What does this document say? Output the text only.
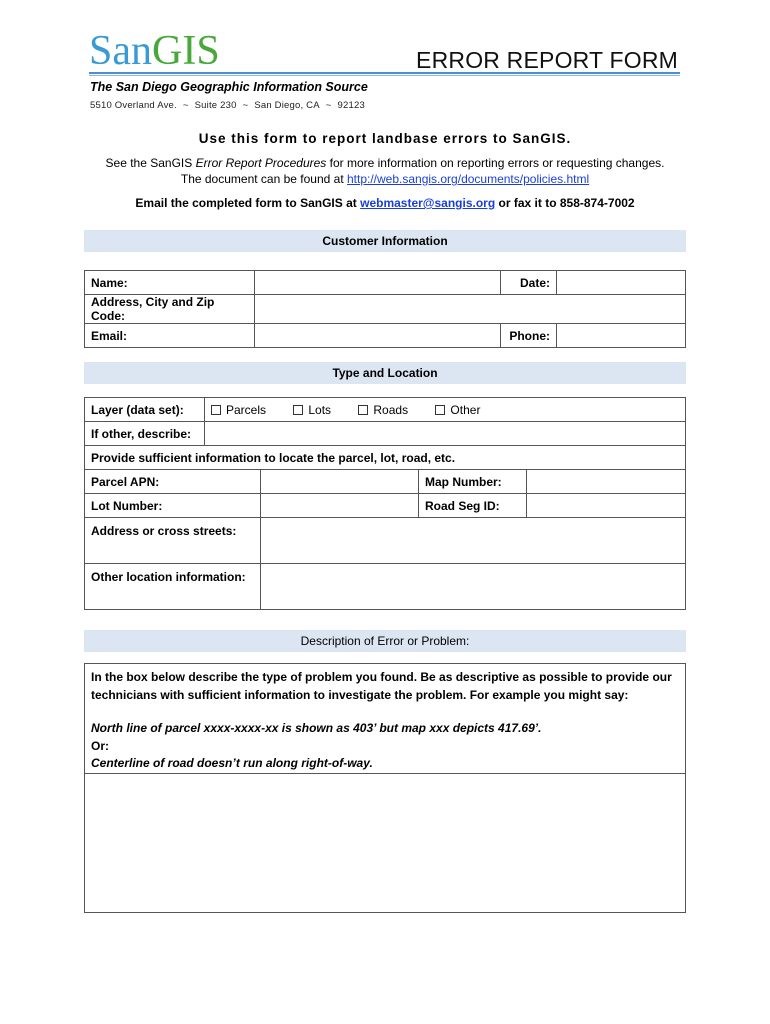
SanGIS	ERROR REPORT FORM
The San Diego Geographic Information Source
5510 Overland Ave. ~ Suite 230 ~ San Diego, CA ~ 92123
Use this form to report landbase errors to SanGIS.
See the SanGIS Error Report Procedures for more information on reporting errors or requesting changes.
The document can be found at http://web.sangis.org/documents/policies.html
Email the completed form to SanGIS at webmaster@sangis.org or fax it to 858-874-7002
Customer Information
Name:		Date:	
Address, City and Zip Code:			
Email:		Phone:	
Type and Location
Layer (data set):	Parcels Lots Roads Other
If other, describe:	
Provide sufficient information to locate the parcel, lot, road, etc.	
Parcel APN:		Map Number:	
Lot Number:		Road Seg ID:	
Address or cross streets:			
Other location information:			
Description of Error or Problem:

In the box below describe the type of problem you found. Be as descriptive as possible to provide our technicians with sufficient information to investigate the problem. For example you might say:

North line of parcel xxxx-xxxx-xx is shown as 403’ but map xxx depicts 417.69’.

Or:

Centerline of road doesn’t run along right-of-way.
